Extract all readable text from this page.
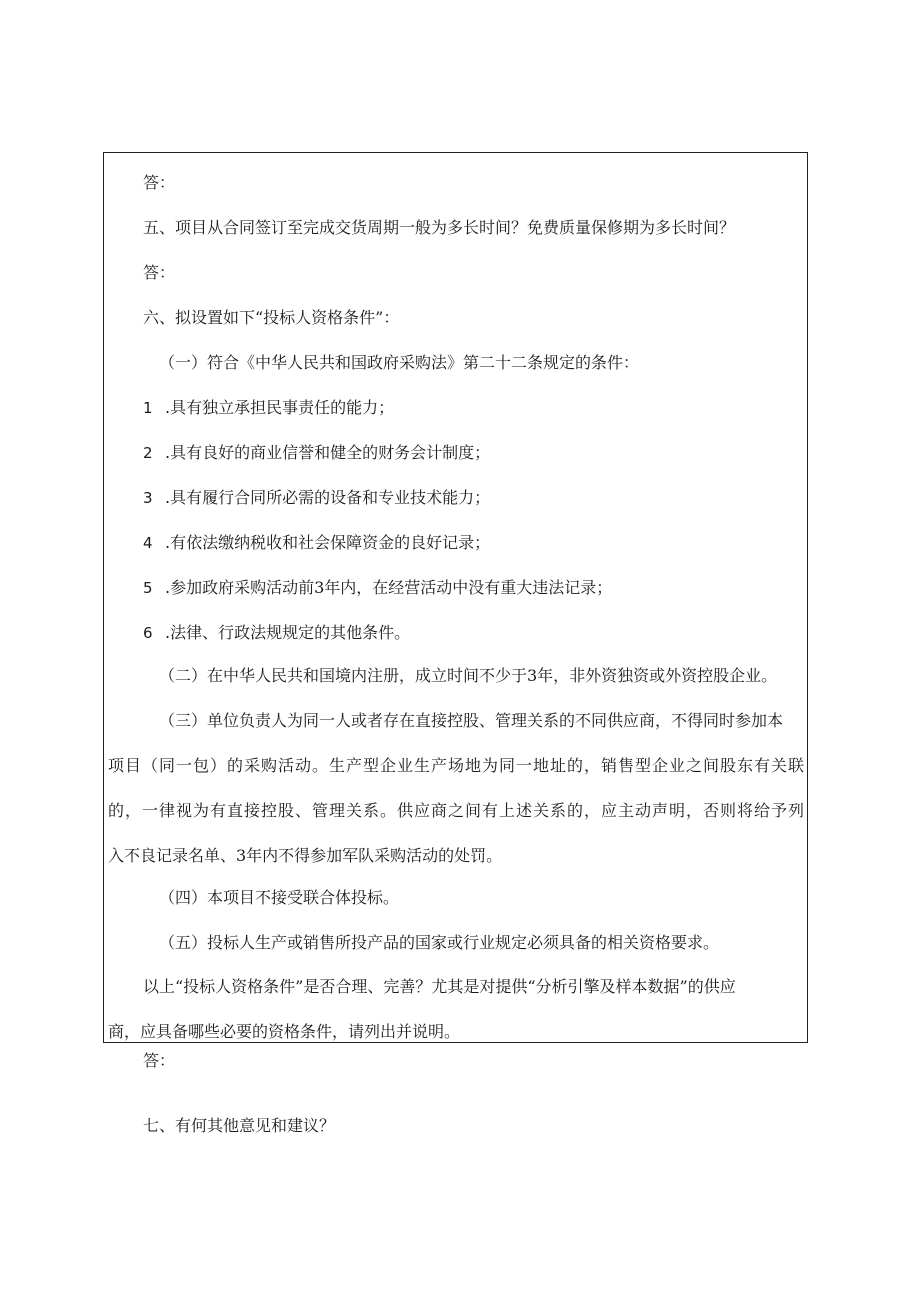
答：
五、项目从合同签订至完成交货周期一般为多长时间？免费质量保修期为多长时间？
答：
六、拟设置如下“投标人资格条件”：
（一）符合《中华人民共和国政府采购法》第二十二条规定的条件：
1 .具有独立承担民事责任的能力；
2 .具有良好的商业信誉和健全的财务会计制度；
3 .具有履行合同所必需的设备和专业技术能力；
4 .有依法缴纳税收和社会保障资金的良好记录；
5 .参加政府采购活动前3年内，在经营活动中没有重大违法记录；
6 .法律、行政法规规定的其他条件。
（二）在中华人民共和国境内注册，成立时间不少于3年，非外资独资或外资控股企业。
（三）单位负责人为同一人或者存在直接控股、管理关系的不同供应商，不得同时参加本
项目（同一包）的采购活动。生产型企业生产场地为同一地址的，销售型企业之间股东有关联
的，一律视为有直接控股、管理关系。供应商之间有上述关系的，应主动声明，否则将给予列
入不良记录名单、3年内不得参加军队采购活动的处罚。
（四）本项目不接受联合体投标。
（五）投标人生产或销售所投产品的国家或行业规定必须具备的相关资格要求。
以上“投标人资格条件”是否合理、完善？尤其是对提供“分析引擎及样本数据”的供应
商，应具备哪些必要的资格条件，请列出并说明。
答：
七、有何其他意见和建议？
